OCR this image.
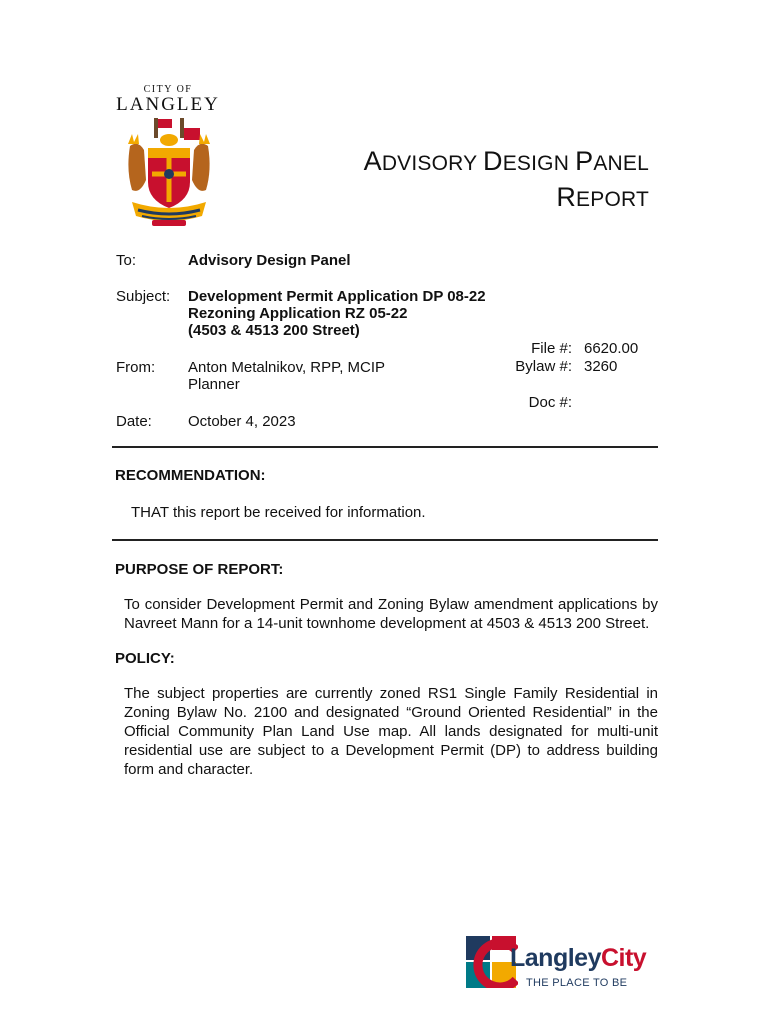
CITY OF
LANGLEY
ADVISORY DESIGN PANEL
REPORT
To:	Advisory Design Panel
Subject: Development Permit Application DP 08-22
Rezoning Application RZ 05-22
(4503 & 4513 200 Street)
From: Anton Metalnikov, RPP, MCIP
Planner
Date: October 4, 2023
File #: 6620.00
Bylaw #: 3260
Doc #:
RECOMMENDATION:
THAT this report be received for information.
PURPOSE OF REPORT:
To consider Development Permit and Zoning Bylaw amendment applications by Navreet Mann for a 14-unit townhome development at 4503 & 4513 200 Street.
POLICY:
The subject properties are currently zoned RS1 Single Family Residential in Zoning Bylaw No. 2100 and designated “Ground Oriented Residential” in the Official Community Plan Land Use map. All lands designated for multi-unit residential use are subject to a Development Permit (DP) to address building form and character.
LangleyCity
THE PLACE TO BE
